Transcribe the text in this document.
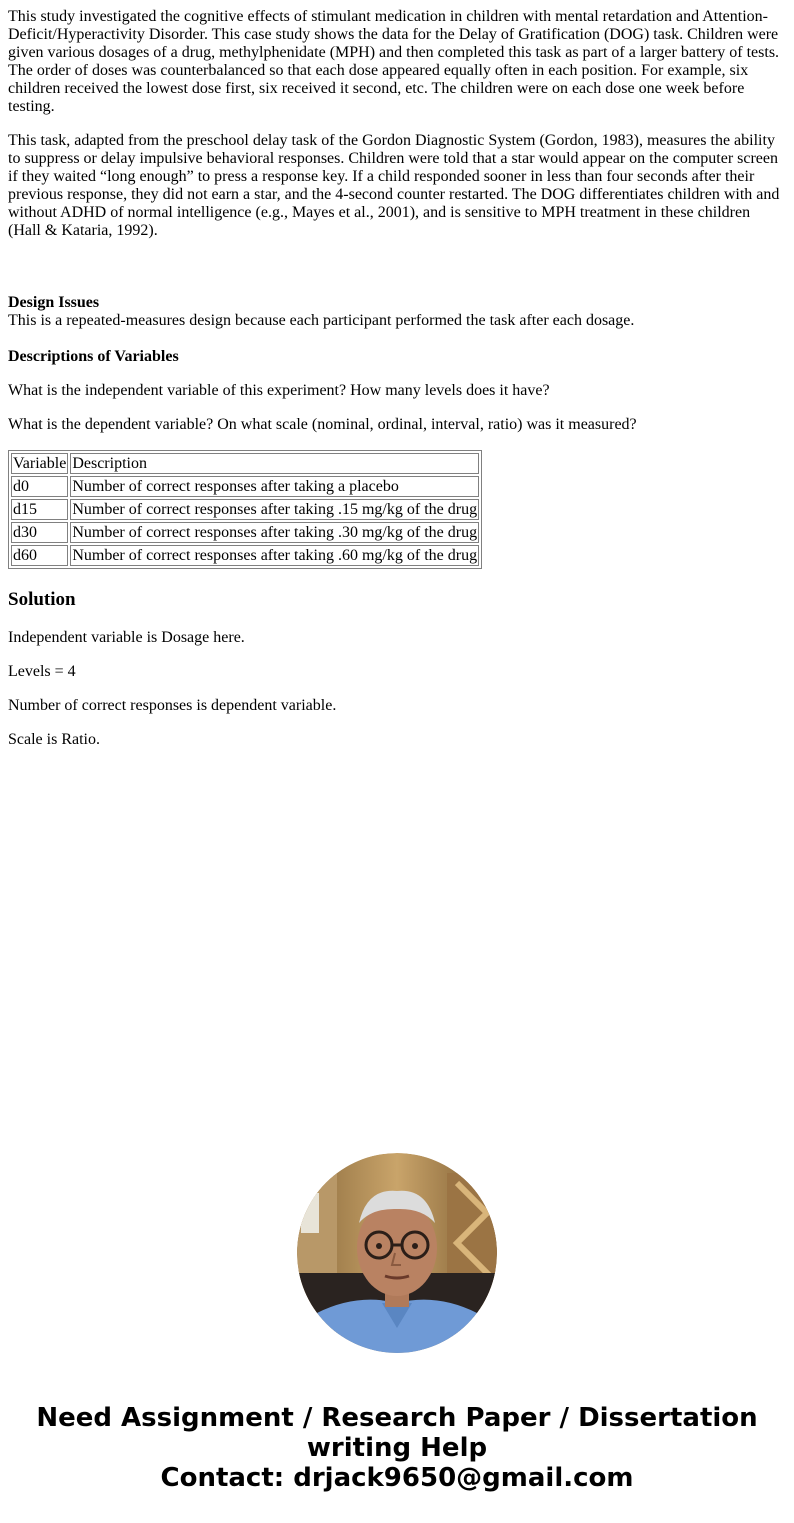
This study investigated the cognitive effects of stimulant medication in children with mental retardation and Attention-Deficit/Hyperactivity Disorder. This case study shows the data for the Delay of Gratification (DOG) task. Children were given various dosages of a drug, methylphenidate (MPH) and then completed this task as part of a larger battery of tests. The order of doses was counterbalanced so that each dose appeared equally often in each position. For example, six children received the lowest dose first, six received it second, etc. The children were on each dose one week before testing.

This task, adapted from the preschool delay task of the Gordon Diagnostic System (Gordon, 1983), measures the ability to suppress or delay impulsive behavioral responses. Children were told that a star would appear on the computer screen if they waited “long enough” to press a response key. If a child responded sooner in less than four seconds after their previous response, they did not earn a star, and the 4-second counter restarted. The DOG differentiates children with and without ADHD of normal intelligence (e.g., Mayes et al., 2001), and is sensitive to MPH treatment in these children (Hall & Kataria, 1992).

Design Issues
This is a repeated-measures design because each participant performed the task after each dosage.

Descriptions of Variables

What is the independent variable of this experiment? How many levels does it have?

What is the dependent variable? On what scale (nominal, ordinal, interval, ratio) was it measured?

Variable	Description
d0	Number of correct responses after taking a placebo
d15	Number of correct responses after taking .15 mg/kg of the drug
d30	Number of correct responses after taking .30 mg/kg of the drug
d60	Number of correct responses after taking .60 mg/kg of the drug
Solution

Independent variable is Dosage here.

Levels = 4

Number of correct responses is dependent variable.

Scale is Ratio.

Need Assignment / Research Paper / Dissertation
writing Help
Contact: drjack9650@gmail.com
